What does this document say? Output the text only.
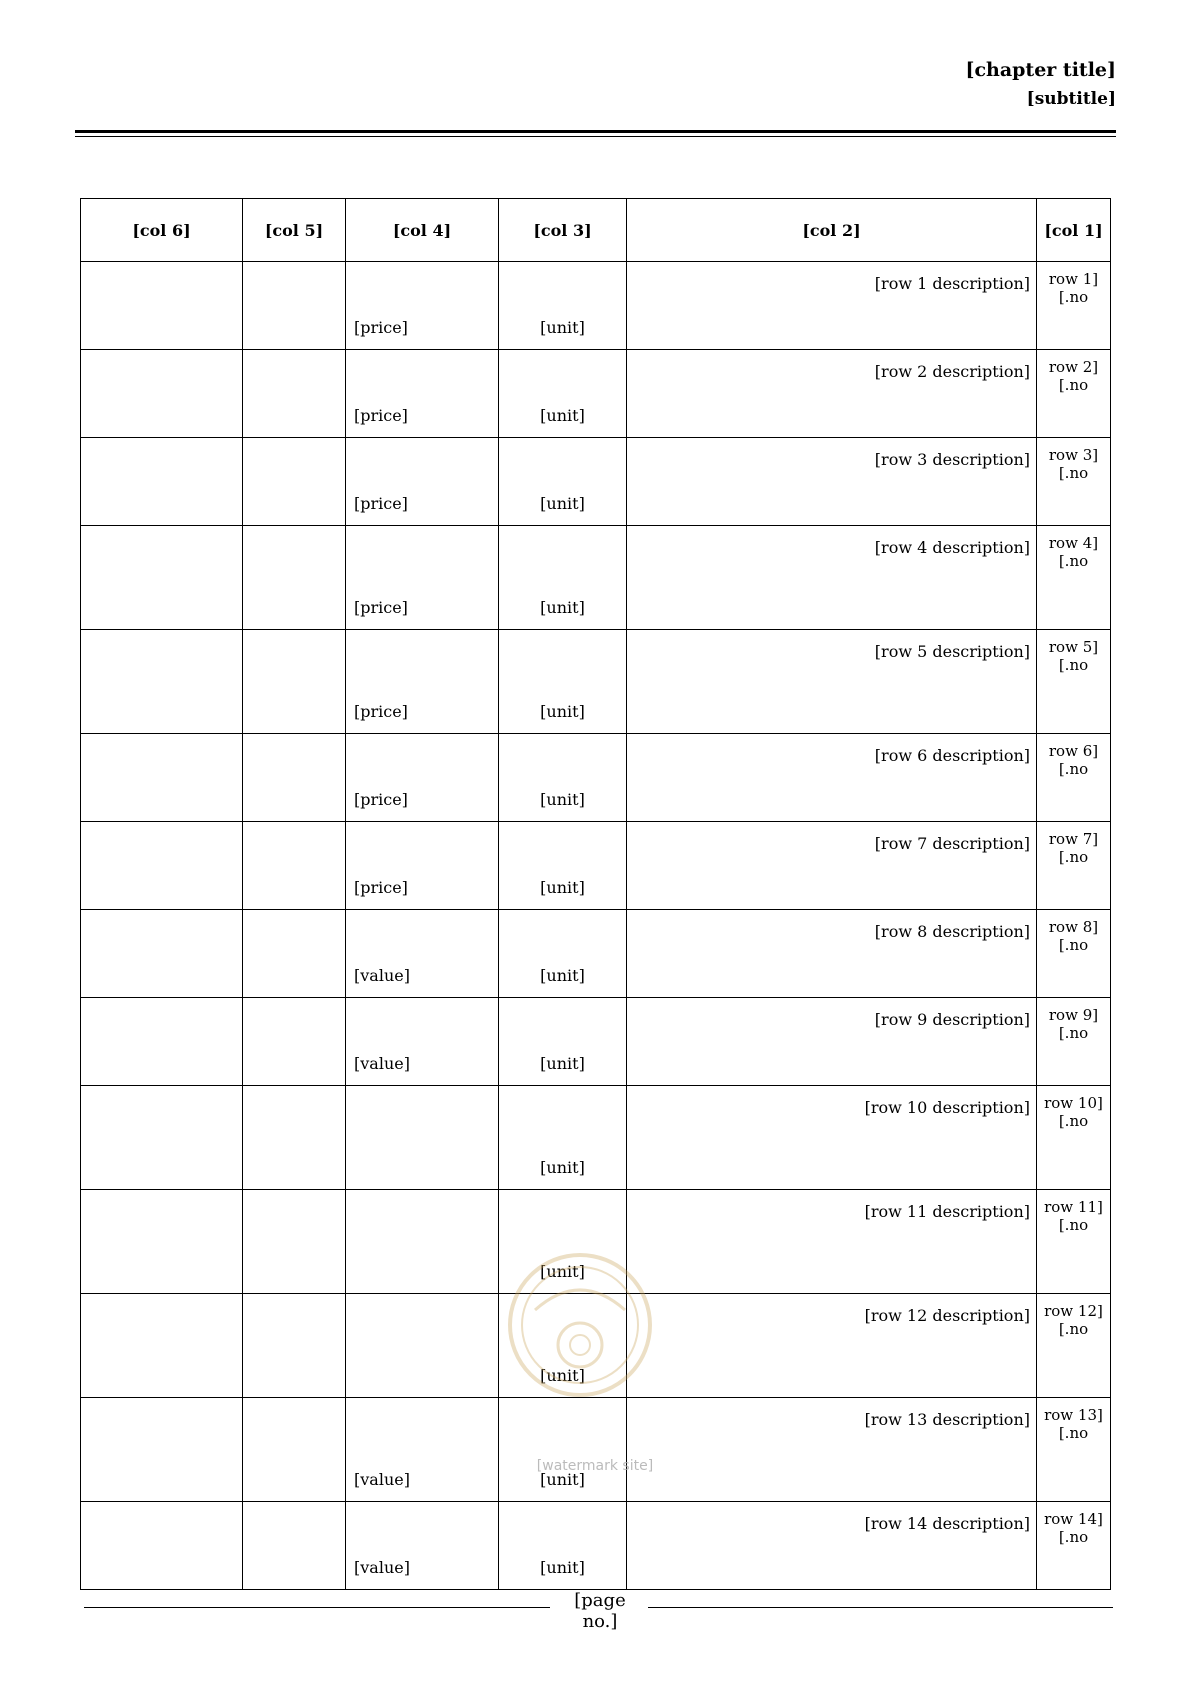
[chapter title]
[subtitle]
[col 1]	[col 2]	[col 3]	[col 4]	[col 5]	[col 6]
[row 1 no.]	[row 1 description]	[unit]	[price]		
[row 2 no.]	[row 2 description]	[unit]	[price]		
[row 3 no.]	[row 3 description]	[unit]	[price]		
[row 4 no.]	[row 4 description]	[unit]	[price]		
[row 5 no.]	[row 5 description]	[unit]	[price]		
[row 6 no.]	[row 6 description]	[unit]	[price]		
[row 7 no.]	[row 7 description]	[unit]	[price]		
[row 8 no.]	[row 8 description]	[unit]	[value]		
[row 9 no.]	[row 9 description]	[unit]	[value]		
[row 10 no.]	[row 10 description]	[unit]			
[row 11 no.]	[row 11 description]	[unit]			
[row 12 no.]	[row 12 description]	[unit]			
[row 13 no.]	[row 13 description]	[unit]	[value]		
[row 14 no.]	[row 14 description]	[unit]	[value]		
[watermark site]
[page no.]
